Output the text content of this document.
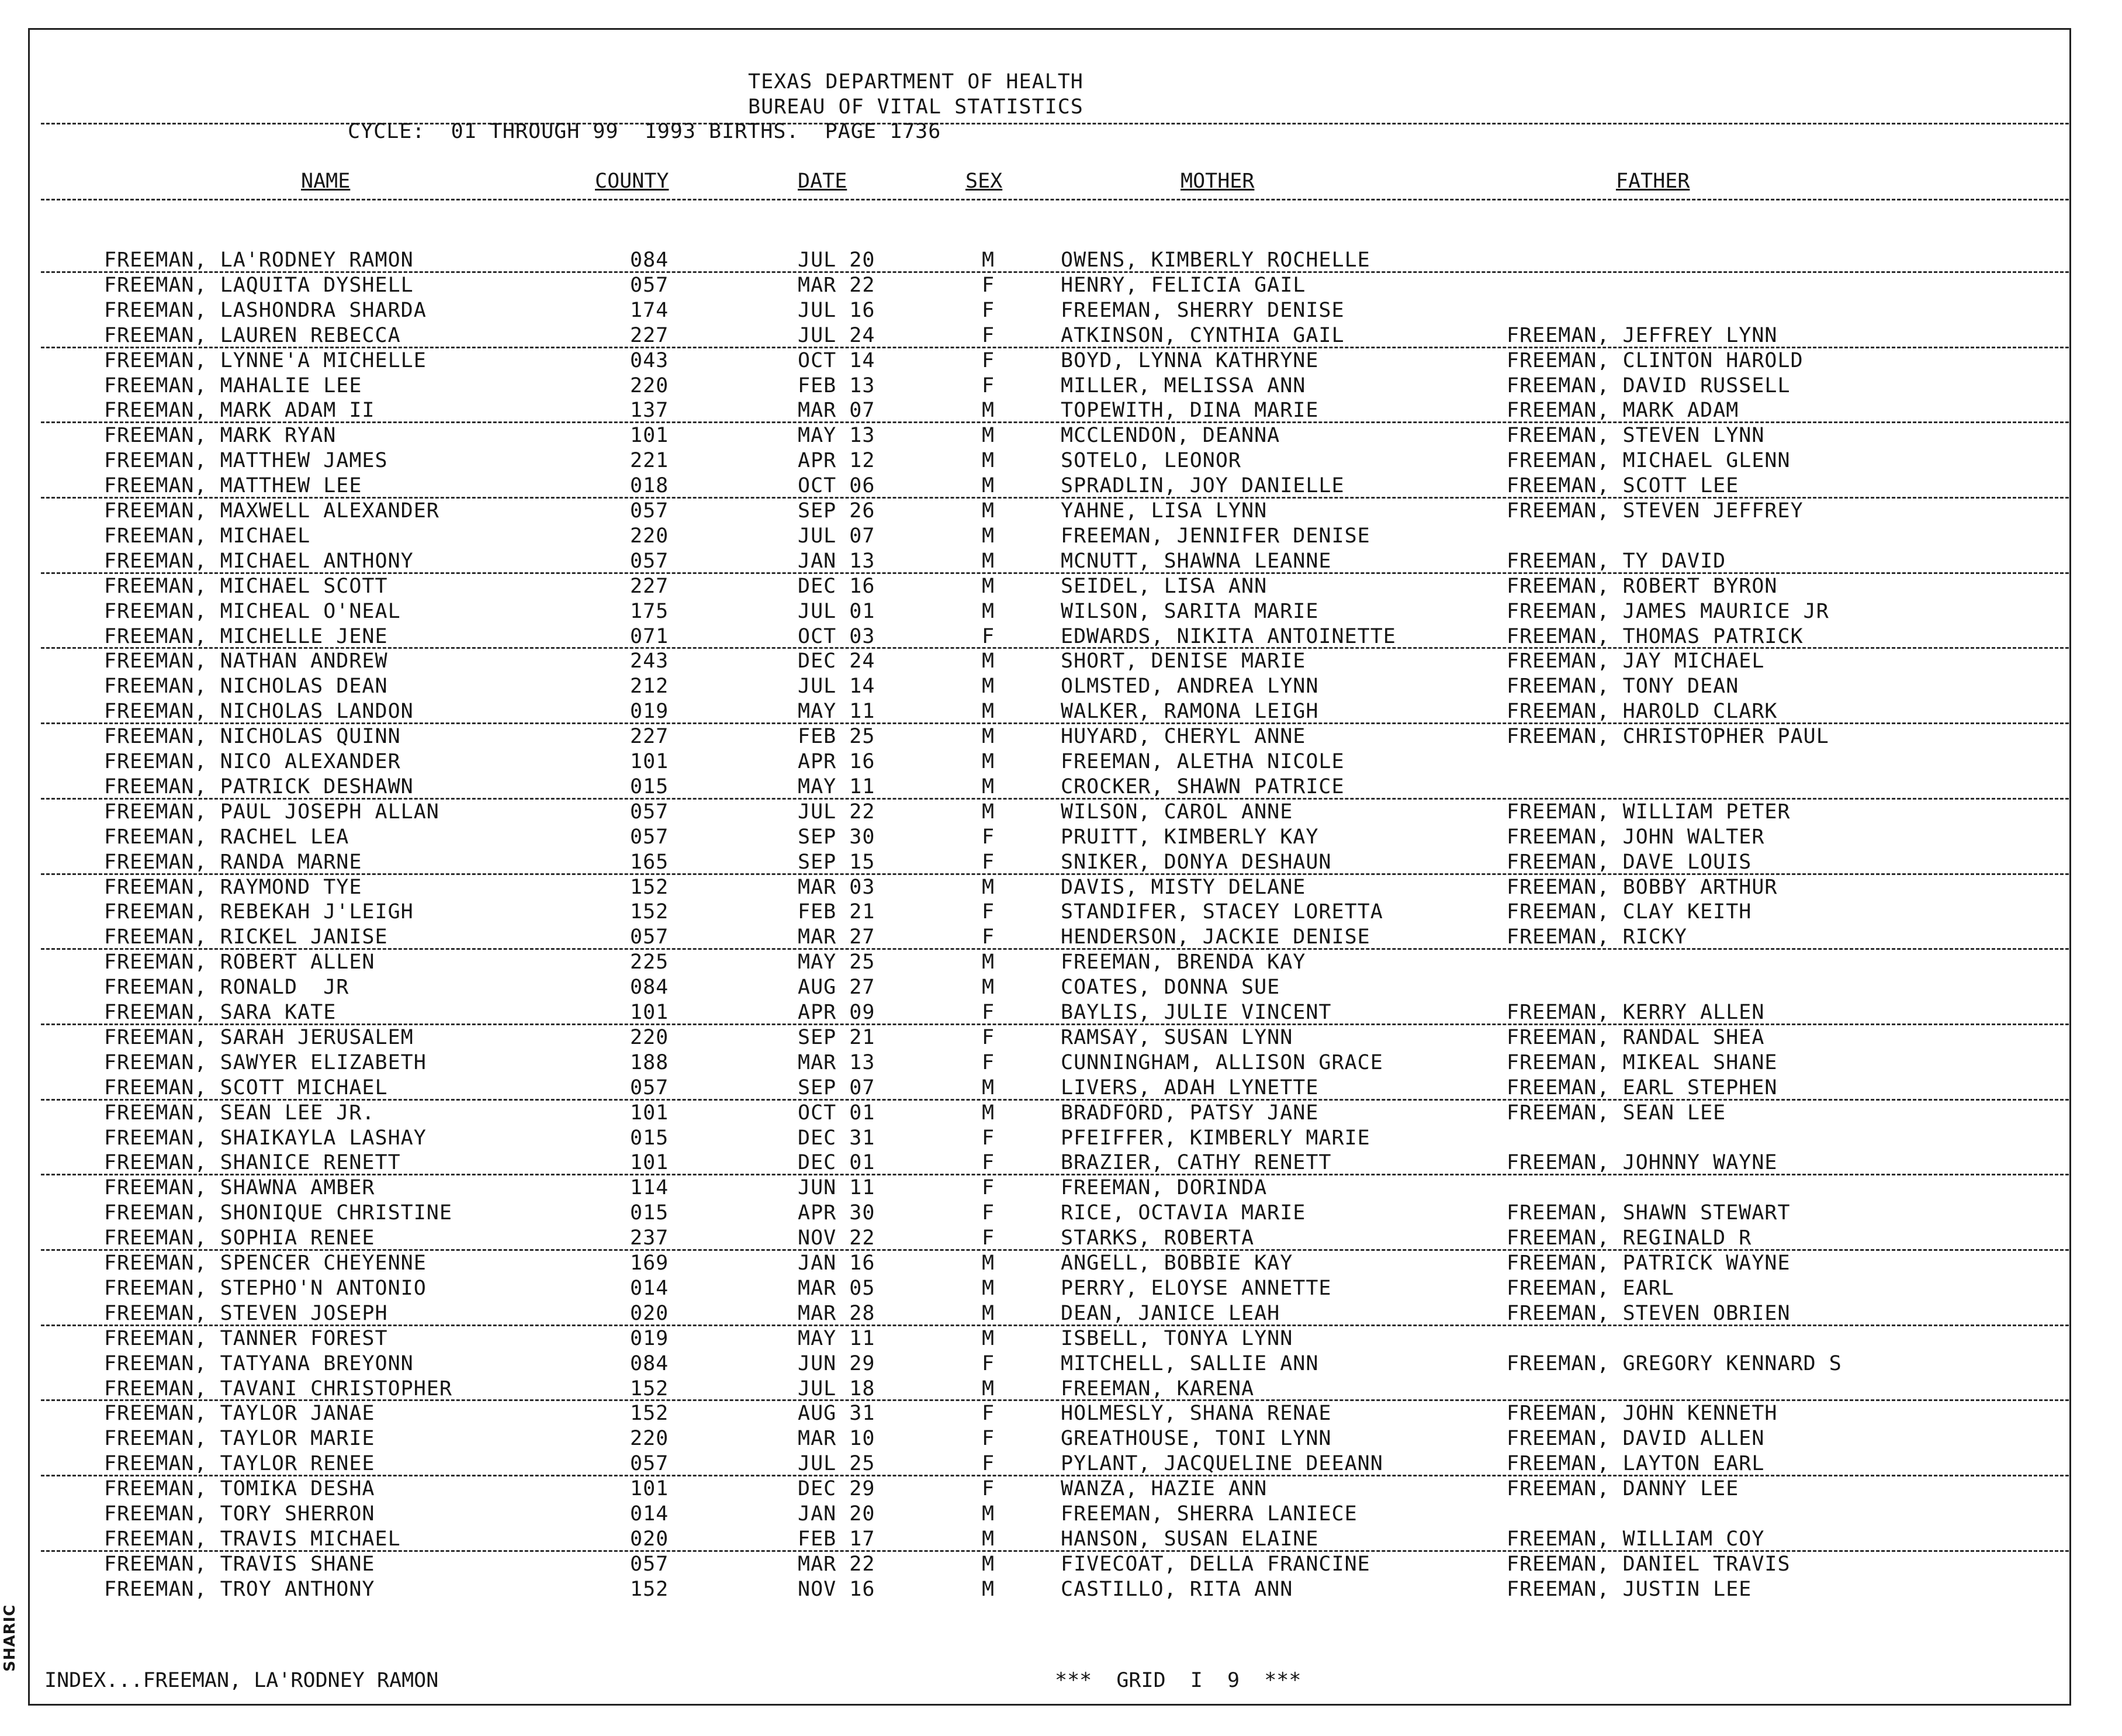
TEXAS DEPARTMENT OF HEALTH
BUREAU OF VITAL STATISTICS
CYCLE:  01 THROUGH 99  1993 BIRTHS.  PAGE 1736
NAME	COUNTY	DATE	SEX	MOTHER	FATHER
FREEMAN, LA'RODNEY RAMON	084	JUL 20	M	OWENS, KIMBERLY ROCHELLE
FREEMAN, LAQUITA DYSHELL	057	MAR 22	F	HENRY, FELICIA GAIL
FREEMAN, LASHONDRA SHARDA	174	JUL 16	F	FREEMAN, SHERRY DENISE
FREEMAN, LAUREN REBECCA	227	JUL 24	F	ATKINSON, CYNTHIA GAIL	FREEMAN, JEFFREY LYNN
FREEMAN, LYNNE'A MICHELLE	043	OCT 14	F	BOYD, LYNNA KATHRYNE	FREEMAN, CLINTON HAROLD
FREEMAN, MAHALIE LEE	220	FEB 13	F	MILLER, MELISSA ANN	FREEMAN, DAVID RUSSELL
FREEMAN, MARK ADAM II	137	MAR 07	M	TOPEWITH, DINA MARIE	FREEMAN, MARK ADAM
FREEMAN, MARK RYAN	101	MAY 13	M	MCCLENDON, DEANNA	FREEMAN, STEVEN LYNN
FREEMAN, MATTHEW JAMES	221	APR 12	M	SOTELO, LEONOR	FREEMAN, MICHAEL GLENN
FREEMAN, MATTHEW LEE	018	OCT 06	M	SPRADLIN, JOY DANIELLE	FREEMAN, SCOTT LEE
FREEMAN, MAXWELL ALEXANDER	057	SEP 26	M	YAHNE, LISA LYNN	FREEMAN, STEVEN JEFFREY
FREEMAN, MICHAEL	220	JUL 07	M	FREEMAN, JENNIFER DENISE
FREEMAN, MICHAEL ANTHONY	057	JAN 13	M	MCNUTT, SHAWNA LEANNE	FREEMAN, TY DAVID
FREEMAN, MICHAEL SCOTT	227	DEC 16	M	SEIDEL, LISA ANN	FREEMAN, ROBERT BYRON
FREEMAN, MICHEAL O'NEAL	175	JUL 01	M	WILSON, SARITA MARIE	FREEMAN, JAMES MAURICE JR
FREEMAN, MICHELLE JENE	071	OCT 03	F	EDWARDS, NIKITA ANTOINETTE	FREEMAN, THOMAS PATRICK
FREEMAN, NATHAN ANDREW	243	DEC 24	M	SHORT, DENISE MARIE	FREEMAN, JAY MICHAEL
FREEMAN, NICHOLAS DEAN	212	JUL 14	M	OLMSTED, ANDREA LYNN	FREEMAN, TONY DEAN
FREEMAN, NICHOLAS LANDON	019	MAY 11	M	WALKER, RAMONA LEIGH	FREEMAN, HAROLD CLARK
FREEMAN, NICHOLAS QUINN	227	FEB 25	M	HUYARD, CHERYL ANNE	FREEMAN, CHRISTOPHER PAUL
FREEMAN, NICO ALEXANDER	101	APR 16	M	FREEMAN, ALETHA NICOLE
FREEMAN, PATRICK DESHAWN	015	MAY 11	M	CROCKER, SHAWN PATRICE
FREEMAN, PAUL JOSEPH ALLAN	057	JUL 22	M	WILSON, CAROL ANNE	FREEMAN, WILLIAM PETER
FREEMAN, RACHEL LEA	057	SEP 30	F	PRUITT, KIMBERLY KAY	FREEMAN, JOHN WALTER
FREEMAN, RANDA MARNE	165	SEP 15	F	SNIKER, DONYA DESHAUN	FREEMAN, DAVE LOUIS
FREEMAN, RAYMOND TYE	152	MAR 03	M	DAVIS, MISTY DELANE	FREEMAN, BOBBY ARTHUR
FREEMAN, REBEKAH J'LEIGH	152	FEB 21	F	STANDIFER, STACEY LORETTA	FREEMAN, CLAY KEITH
FREEMAN, RICKEL JANISE	057	MAR 27	F	HENDERSON, JACKIE DENISE	FREEMAN, RICKY
FREEMAN, ROBERT ALLEN	225	MAY 25	M	FREEMAN, BRENDA KAY
FREEMAN, RONALD  JR	084	AUG 27	M	COATES, DONNA SUE
FREEMAN, SARA KATE	101	APR 09	F	BAYLIS, JULIE VINCENT	FREEMAN, KERRY ALLEN
FREEMAN, SARAH JERUSALEM	220	SEP 21	F	RAMSAY, SUSAN LYNN	FREEMAN, RANDAL SHEA
FREEMAN, SAWYER ELIZABETH	188	MAR 13	F	CUNNINGHAM, ALLISON GRACE	FREEMAN, MIKEAL SHANE
FREEMAN, SCOTT MICHAEL	057	SEP 07	M	LIVERS, ADAH LYNETTE	FREEMAN, EARL STEPHEN
FREEMAN, SEAN LEE JR.	101	OCT 01	M	BRADFORD, PATSY JANE	FREEMAN, SEAN LEE
FREEMAN, SHAIKAYLA LASHAY	015	DEC 31	F	PFEIFFER, KIMBERLY MARIE
FREEMAN, SHANICE RENETT	101	DEC 01	F	BRAZIER, CATHY RENETT	FREEMAN, JOHNNY WAYNE
FREEMAN, SHAWNA AMBER	114	JUN 11	F	FREEMAN, DORINDA
FREEMAN, SHONIQUE CHRISTINE	015	APR 30	F	RICE, OCTAVIA MARIE	FREEMAN, SHAWN STEWART
FREEMAN, SOPHIA RENEE	237	NOV 22	F	STARKS, ROBERTA	FREEMAN, REGINALD R
FREEMAN, SPENCER CHEYENNE	169	JAN 16	M	ANGELL, BOBBIE KAY	FREEMAN, PATRICK WAYNE
FREEMAN, STEPHO'N ANTONIO	014	MAR 05	M	PERRY, ELOYSE ANNETTE	FREEMAN, EARL
FREEMAN, STEVEN JOSEPH	020	MAR 28	M	DEAN, JANICE LEAH	FREEMAN, STEVEN OBRIEN
FREEMAN, TANNER FOREST	019	MAY 11	M	ISBELL, TONYA LYNN
FREEMAN, TATYANA BREYONN	084	JUN 29	F	MITCHELL, SALLIE ANN	FREEMAN, GREGORY KENNARD S
FREEMAN, TAVANI CHRISTOPHER	152	JUL 18	M	FREEMAN, KARENA
FREEMAN, TAYLOR JANAE	152	AUG 31	F	HOLMESLY, SHANA RENAE	FREEMAN, JOHN KENNETH
FREEMAN, TAYLOR MARIE	220	MAR 10	F	GREATHOUSE, TONI LYNN	FREEMAN, DAVID ALLEN
FREEMAN, TAYLOR RENEE	057	JUL 25	F	PYLANT, JACQUELINE DEEANN	FREEMAN, LAYTON EARL
FREEMAN, TOMIKA DESHA	101	DEC 29	F	WANZA, HAZIE ANN	FREEMAN, DANNY LEE
FREEMAN, TORY SHERRON	014	JAN 20	M	FREEMAN, SHERRA LANIECE
FREEMAN, TRAVIS MICHAEL	020	FEB 17	M	HANSON, SUSAN ELAINE	FREEMAN, WILLIAM COY
FREEMAN, TRAVIS SHANE	057	MAR 22	M	FIVECOAT, DELLA FRANCINE	FREEMAN, DANIEL TRAVIS
FREEMAN, TROY ANTHONY	152	NOV 16	M	CASTILLO, RITA ANN	FREEMAN, JUSTIN LEE
INDEX...FREEMAN, LA'RODNEY RAMON	***  GRID  I  9  ***
SHARIC
